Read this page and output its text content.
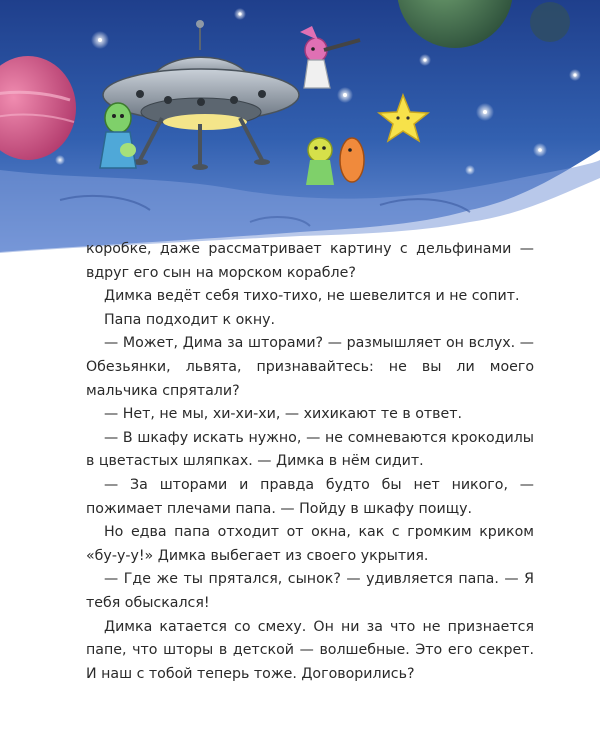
коробке, даже рассматривает картину с дельфинами — вдруг его сын на морском корабле?

Димка ведёт себя тихо-тихо, не шевелится и не сопит.

Папа подходит к окну.

— Может, Дима за шторами? — размышляет он вслух. — Обезьянки, львята, признавайтесь: не вы ли моего мальчика спрятали?

— Нет, не мы, хи-хи-хи, — хихикают те в ответ.

— В шкафу искать нужно, — не сомневаются крокодилы в цветастых шляпках. — Димка в нём сидит.

— За шторами и правда будто бы нет никого, — пожимает плечами папа. — Пойду в шкафу поищу.

Но едва папа отходит от окна, как с громким криком «бу-у-у!» Димка выбегает из своего укрытия.

— Где же ты прятался, сынок? — удивляется папа. — Я тебя обыскался!

Димка катается со смеху. Он ни за что не признается папе, что шторы в детской — волшебные. Это его секрет. И наш с тобой теперь тоже. Договорились?
